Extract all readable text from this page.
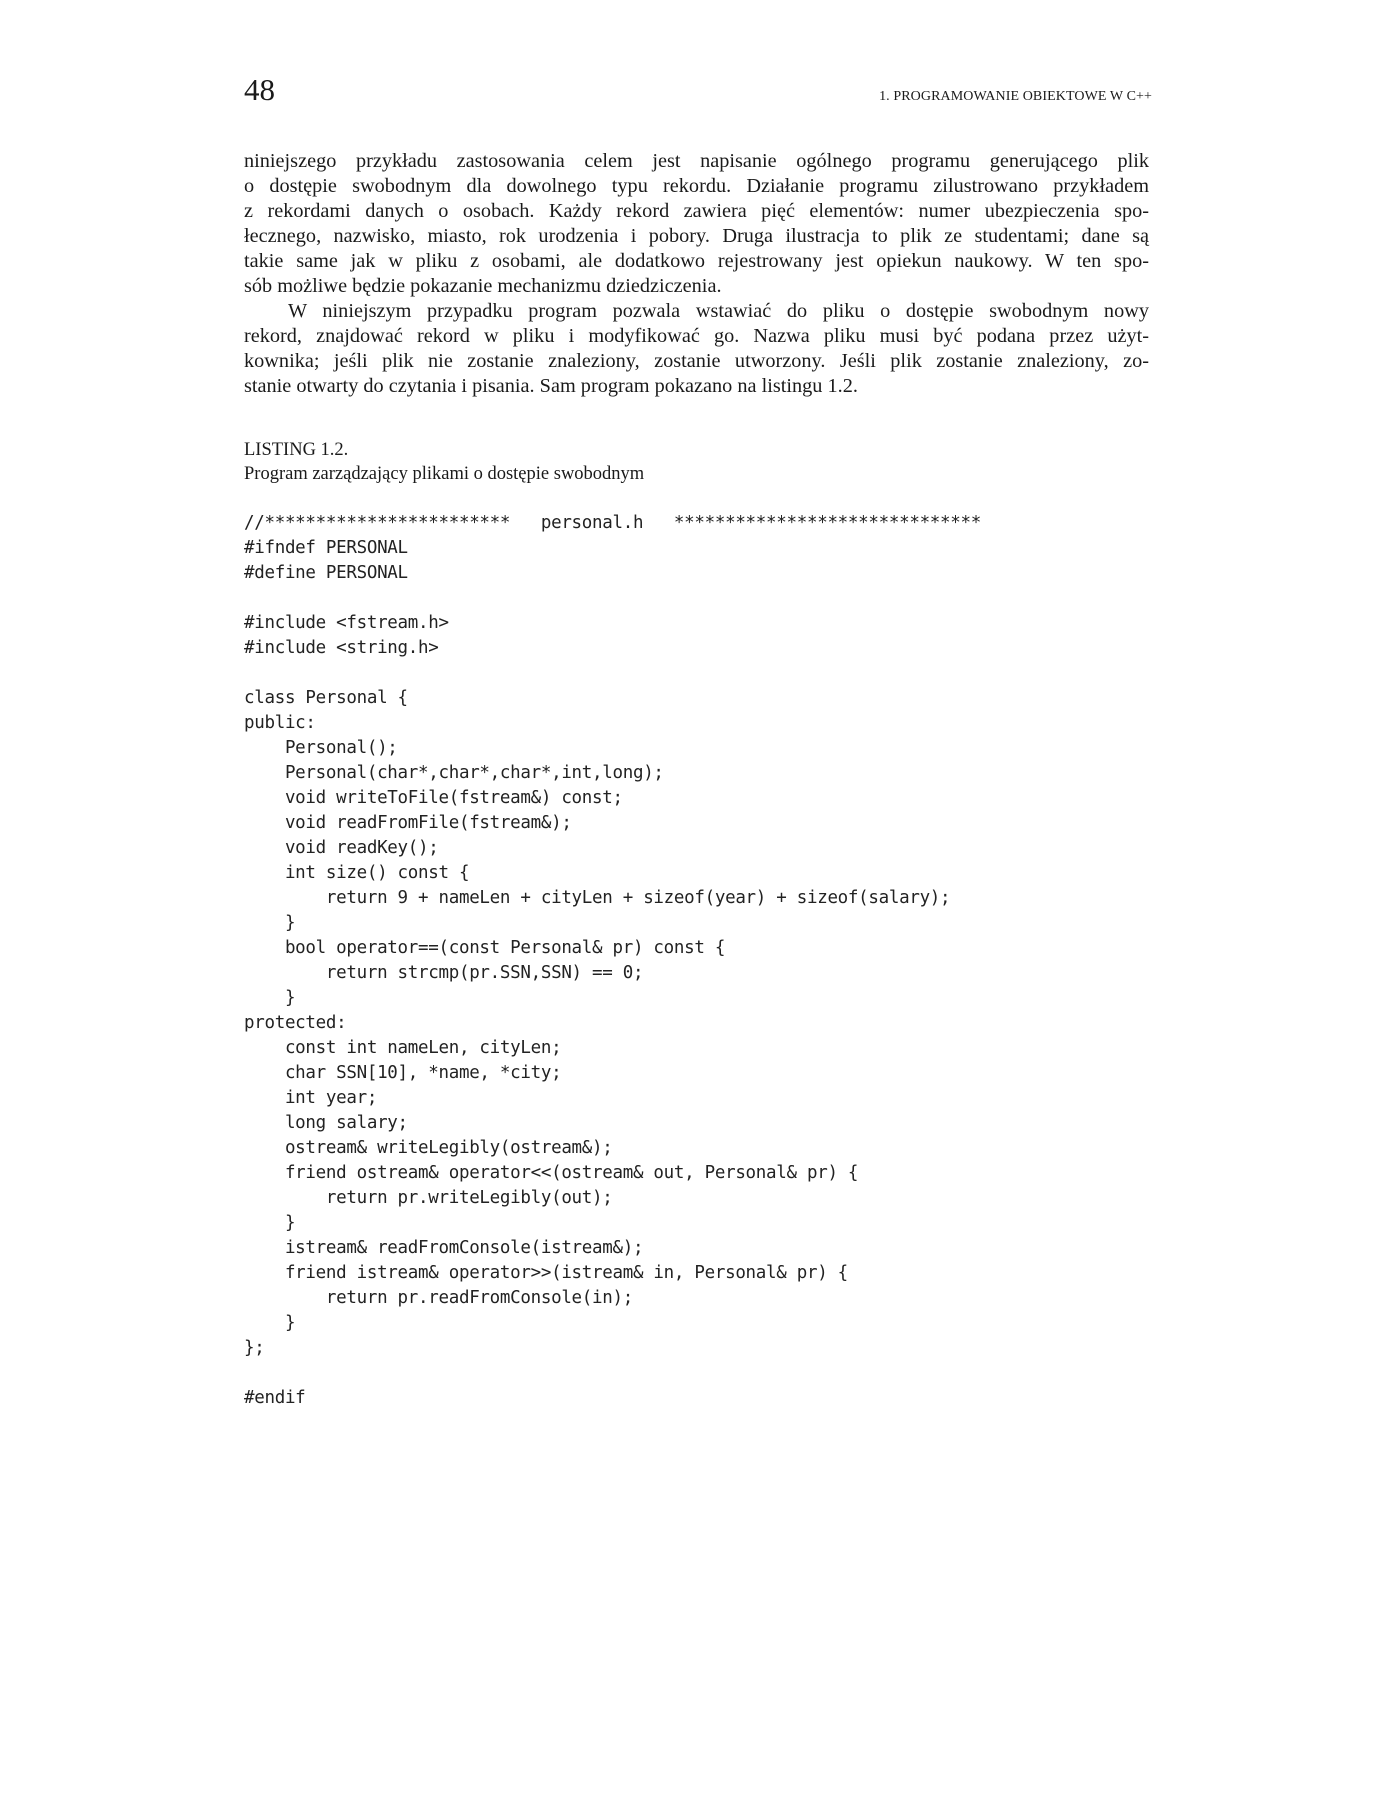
48	1. PROGRAMOWANIE OBIEKTOWE W C++
niniejszego przykładu zastosowania celem jest napisanie ogólnego programu generującego plik
o dostępie swobodnym dla dowolnego typu rekordu. Działanie programu zilustrowano przykładem
z rekordami danych o osobach. Każdy rekord zawiera pięć elementów: numer ubezpieczenia spo-
łecznego, nazwisko, miasto, rok urodzenia i pobory. Druga ilustracja to plik ze studentami; dane są
takie same jak w pliku z osobami, ale dodatkowo rejestrowany jest opiekun naukowy. W ten spo-
sób możliwe będzie pokazanie mechanizmu dziedziczenia.
W niniejszym przypadku program pozwala wstawiać do pliku o dostępie swobodnym nowy
rekord, znajdować rekord w pliku i modyfikować go. Nazwa pliku musi być podana przez użyt-
kownika; jeśli plik nie zostanie znaleziony, zostanie utworzony. Jeśli plik zostanie znaleziony, zo-
stanie otwarty do czytania i pisania. Sam program pokazano na listingu 1.2.
LISTING 1.2.
Program zarządzający plikami o dostępie swobodnym
//************************   personal.h   ******************************
#ifndef PERSONAL
#define PERSONAL
#include <fstream.h>
#include <string.h>
class Personal {
public:
Personal();
Personal(char*,char*,char*,int,long);
void writeToFile(fstream&) const;
void readFromFile(fstream&);
void readKey();
int size() const {
return 9 + nameLen + cityLen + sizeof(year) + sizeof(salary);
}
bool operator==(const Personal& pr) const {
return strcmp(pr.SSN,SSN) == 0;
}
protected:
const int nameLen, cityLen;
char SSN[10], *name, *city;
int year;
long salary;
ostream& writeLegibly(ostream&);
friend ostream& operator<<(ostream& out, Personal& pr) {
return pr.writeLegibly(out);
}
istream& readFromConsole(istream&);
friend istream& operator>>(istream& in, Personal& pr) {
return pr.readFromConsole(in);
}
};
#endif
